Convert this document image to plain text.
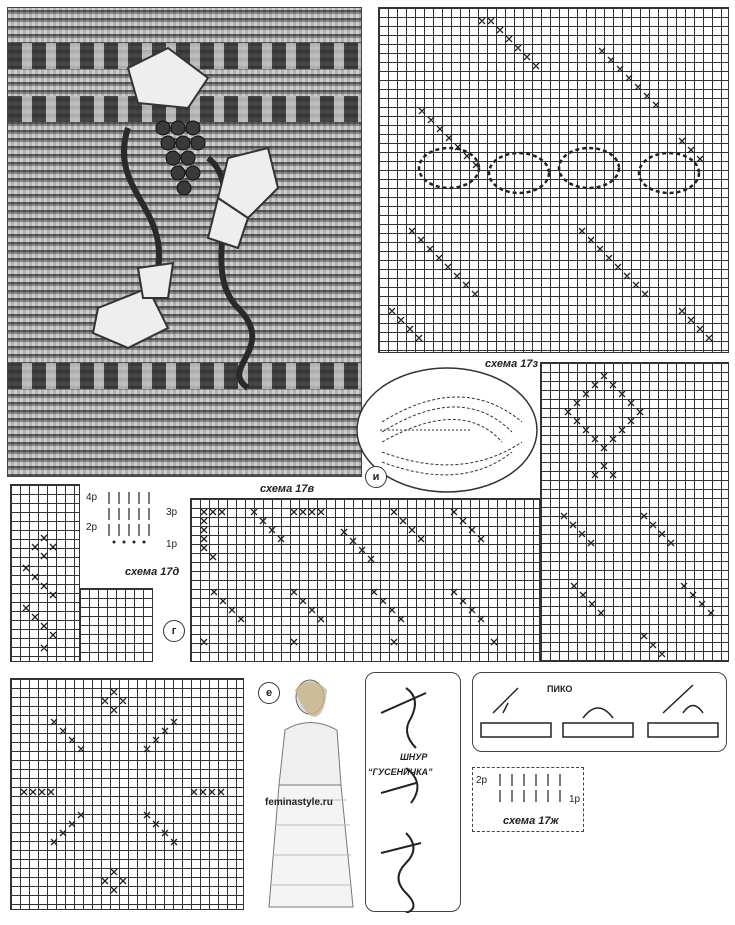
схема 17з
и
схема 17в
4р
3р
2р
1р
схема 17д
г
е
feminastyle.ru
ШНУР
“ГУСЕНИЧКА”
ПИКО
2р
1р
схема 17ж
